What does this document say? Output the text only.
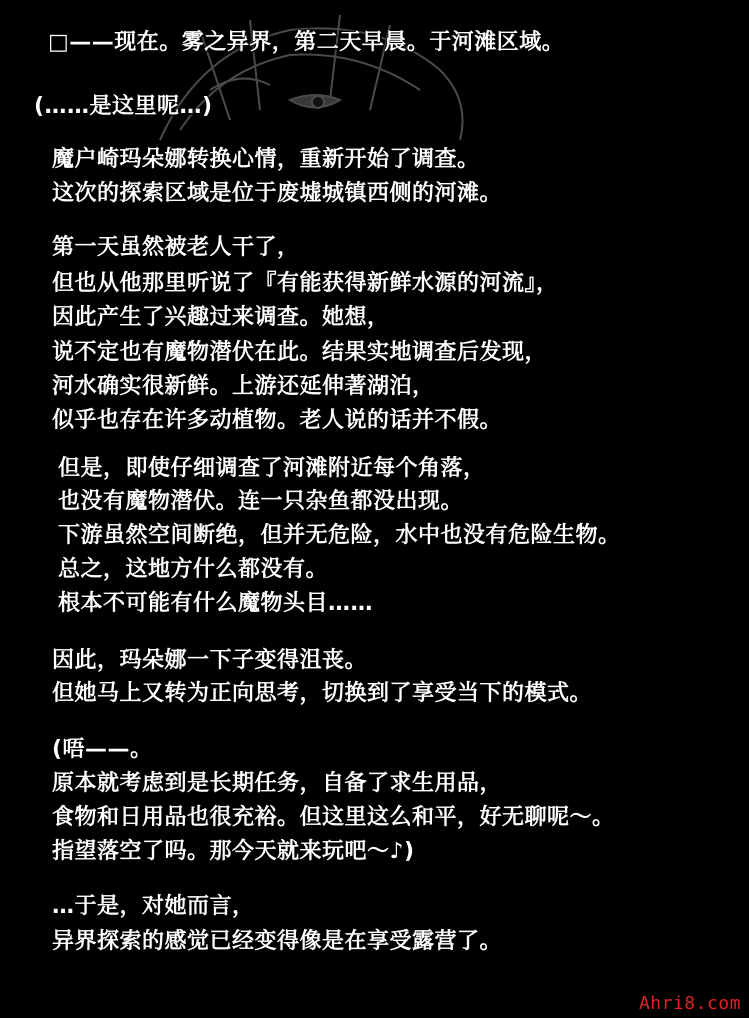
□——现在。雾之异界，第二天早晨。于河滩区域。
(……是这里呢…)
魔户崎玛朵娜转换心情，重新开始了调查。
这次的探索区域是位于废墟城镇西侧的河滩。
第一天虽然被老人干了，
但也从他那里听说了『有能获得新鲜水源的河流』，
因此产生了兴趣过来调查。她想，
说不定也有魔物潜伏在此。结果实地调查后发现，
河水确实很新鲜。上游还延伸著湖泊，
似乎也存在许多动植物。老人说的话并不假。
但是，即使仔细调查了河滩附近每个角落，
也没有魔物潜伏。连一只杂鱼都没出现。
下游虽然空间断绝，但并无危险，水中也没有危险生物。
总之，这地方什么都没有。
根本不可能有什么魔物头目……
因此，玛朵娜一下子变得沮丧。
但她马上又转为正向思考，切换到了享受当下的模式。
(唔——。
原本就考虑到是长期任务，自备了求生用品，
食物和日用品也很充裕。但这里这么和平，好无聊呢～。
指望落空了吗。那今天就来玩吧～♪)
…于是，对她而言，
异界探索的感觉已经变得像是在享受露营了。
Ahri8.com
